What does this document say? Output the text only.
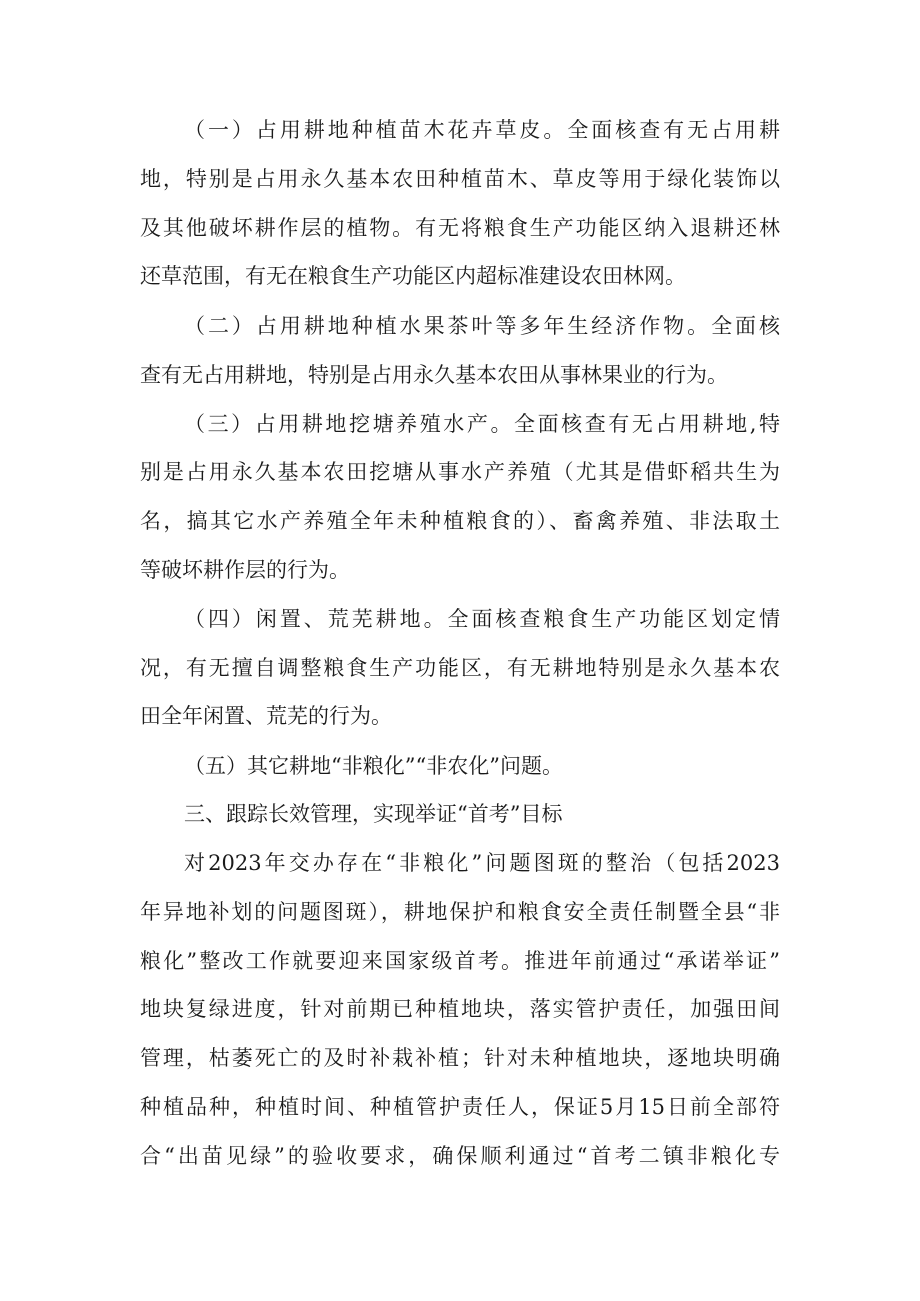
（一）占用耕地种植苗木花卉草皮。全面核查有无占用耕
地，特别是占用永久基本农田种植苗木、草皮等用于绿化装饰以
及其他破坏耕作层的植物。有无将粮食生产功能区纳入退耕还林
还草范围，有无在粮食生产功能区内超标准建设农田林网。
（二）占用耕地种植水果茶叶等多年生经济作物。全面核
查有无占用耕地，特别是占用永久基本农田从事林果业的行为。
（三）占用耕地挖塘养殖水产。全面核查有无占用耕地,特
别是占用永久基本农田挖塘从事水产养殖（尤其是借虾稻共生为
名，搞其它水产养殖全年未种植粮食的）、畜禽养殖、非法取土
等破坏耕作层的行为。
（四）闲置、荒芜耕地。全面核查粮食生产功能区划定情
况，有无擅自调整粮食生产功能区，有无耕地特别是永久基本农
田全年闲置、荒芜的行为。
（五）其它耕地“非粮化”“非农化”问题。
三、跟踪长效管理，实现举证“首考”目标
对2023年交办存在“非粮化”问题图斑的整治（包括2023
年异地补划的问题图斑），耕地保护和粮食安全责任制暨全县“非
粮化”整改工作就要迎来国家级首考。推进年前通过“承诺举证”
地块复绿进度，针对前期已种植地块，落实管护责任，加强田间
管理，枯萎死亡的及时补栽补植；针对未种植地块，逐地块明确
种植品种，种植时间、种植管护责任人，保证5月15日前全部符
合“出苗见绿”的验收要求，确保顺利通过“首考二镇非粮化专
